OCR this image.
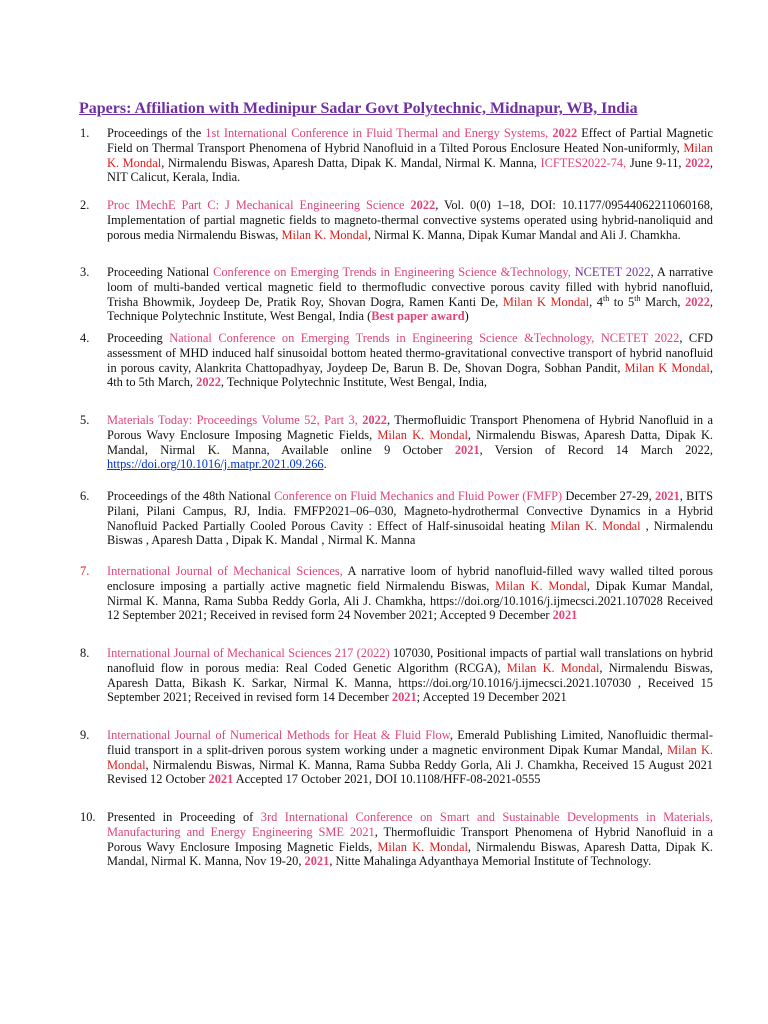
Papers: Affiliation with Medinipur Sadar Govt Polytechnic, Midnapur, WB, India
1.	Proceedings of the 1st International Conference in Fluid Thermal and Energy Systems, 2022 Effect of Partial Magnetic Field on Thermal Transport Phenomena of Hybrid Nanofluid in a Tilted Porous Enclosure Heated Non-uniformly, Milan K. Mondal, Nirmalendu Biswas, Aparesh Datta, Dipak K. Mandal, Nirmal K. Manna, ICFTES2022-74, June 9-11, 2022, NIT Calicut, Kerala, India.
2.	Proc IMechE Part C: J Mechanical Engineering Science 2022, Vol. 0(0) 1–18, DOI: 10.1177/09544062211060168, Implementation of partial magnetic fields to magneto-thermal convective systems operated using hybrid-nanoliquid and porous media Nirmalendu Biswas, Milan K. Mondal, Nirmal K. Manna, Dipak Kumar Mandal and Ali J. Chamkha.
3.	Proceeding National Conference on Emerging Trends in Engineering Science &Technology, NCETET 2022, A narrative loom of multi-banded vertical magnetic field to thermofludic convective porous cavity filled with hybrid nanofluid, Trisha Bhowmik, Joydeep De, Pratik Roy, Shovan Dogra, Ramen Kanti De, Milan K Mondal, 4th to 5th March, 2022, Technique Polytechnic Institute, West Bengal, India (Best paper award)
4.	Proceeding National Conference on Emerging Trends in Engineering Science &Technology, NCETET 2022, CFD assessment of MHD induced half sinusoidal bottom heated thermo-gravitational convective transport of hybrid nanofluid in porous cavity, Alankrita Chattopadhyay, Joydeep De, Barun B. De, Shovan Dogra, Sobhan Pandit, Milan K Mondal, 4th to 5th March, 2022, Technique Polytechnic Institute, West Bengal, India,
5.	Materials Today: Proceedings Volume 52, Part 3, 2022, Thermofluidic Transport Phenomena of Hybrid Nanofluid in a Porous Wavy Enclosure Imposing Magnetic Fields, Milan K. Mondal, Nirmalendu Biswas, Aparesh Datta, Dipak K. Mandal, Nirmal K. Manna, Available online 9 October 2021, Version of Record 14 March 2022, https://doi.org/10.1016/j.matpr.2021.09.266.
6.	Proceedings of the 48th National Conference on Fluid Mechanics and Fluid Power (FMFP) December 27-29, 2021, BITS Pilani, Pilani Campus, RJ, India. FMFP2021–06–030, Magneto-hydrothermal Convective Dynamics in a Hybrid Nanofluid Packed Partially Cooled Porous Cavity : Effect of Half-sinusoidal heating Milan K. Mondal , Nirmalendu Biswas , Aparesh Datta , Dipak K. Mandal , Nirmal K. Manna
7.	International Journal of Mechanical Sciences, A narrative loom of hybrid nanofluid-filled wavy walled tilted porous enclosure imposing a partially active magnetic field Nirmalendu Biswas, Milan K. Mondal, Dipak Kumar Mandal, Nirmal K. Manna, Rama Subba Reddy Gorla, Ali J. Chamkha, https://doi.org/10.1016/j.ijmecsci.2021.107028 Received 12 September 2021; Received in revised form 24 November 2021; Accepted 9 December 2021
8.	International Journal of Mechanical Sciences 217 (2022) 107030, Positional impacts of partial wall translations on hybrid nanofluid flow in porous media: Real Coded Genetic Algorithm (RCGA), Milan K. Mondal, Nirmalendu Biswas, Aparesh Datta, Bikash K. Sarkar, Nirmal K. Manna, https://doi.org/10.1016/j.ijmecsci.2021.107030 , Received 15 September 2021; Received in revised form 14 December 2021; Accepted 19 December 2021
9.	International Journal of Numerical Methods for Heat & Fluid Flow, Emerald Publishing Limited, Nanofluidic thermal-fluid transport in a split-driven porous system working under a magnetic environment Dipak Kumar Mandal, Milan K. Mondal, Nirmalendu Biswas, Nirmal K. Manna, Rama Subba Reddy Gorla, Ali J. Chamkha, Received 15 August 2021 Revised 12 October 2021 Accepted 17 October 2021, DOI 10.1108/HFF-08-2021-0555
10. Presented in Proceeding of 3rd International Conference on Smart and Sustainable Developments in Materials, Manufacturing and Energy Engineering SME 2021, Thermofluidic Transport Phenomena of Hybrid Nanofluid in a Porous Wavy Enclosure Imposing Magnetic Fields, Milan K. Mondal, Nirmalendu Biswas, Aparesh Datta, Dipak K. Mandal, Nirmal K. Manna, Nov 19-20, 2021, Nitte Mahalinga Adyanthaya Memorial Institute of Technology.
